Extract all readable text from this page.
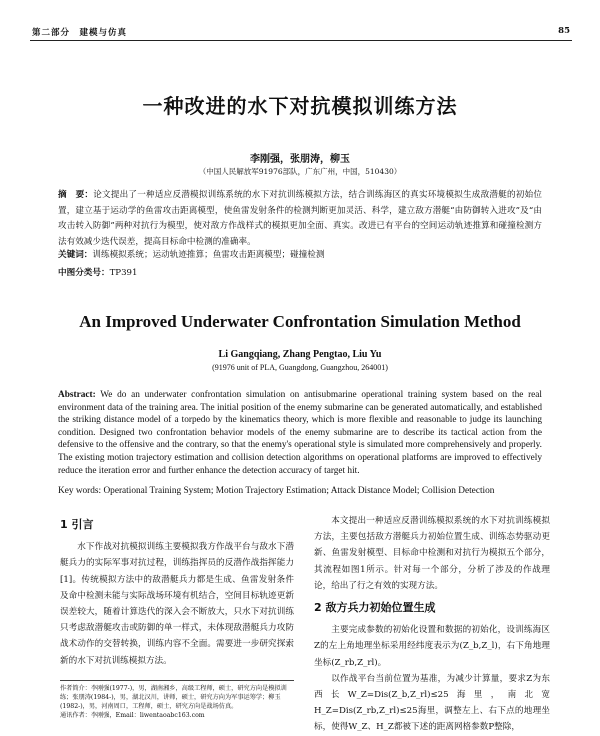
第二部分　建模与仿真	85
一种改进的水下对抗模拟训练方法
李刚强，张朋涛，柳玉
（中国人民解放军91976部队，广东广州，中国，510430）
摘　要：论文提出了一种适应反潜模拟训练系统的水下对抗训练模拟方法，结合训练海区的真实环境模拟生成敌潜艇的初始位置，建立基于运动学的鱼雷攻击距离模型，使鱼雷发射条件的检测判断更加灵活、科学，建立敌方潜艇“由防御转入进攻”及“由攻击转入防御”两种对抗行为模型，使对敌方作战样式的模拟更加全面、真实。改进已有平台的空间运动轨迹推算和碰撞检测方法有效减少迭代误差，提高目标命中检测的准确率。
关键词：训练模拟系统；运动轨迹推算；鱼雷攻击距离模型；碰撞检测
中图分类号：TP391
An Improved Underwater Confrontation Simulation Method
Li Gangqiang, Zhang Pengtao, Liu Yu
(91976 unit of PLA, Guangdong, Guangzhou, 264001)
Abstract: We do an underwater confrontation simulation on antisubmarine operational training system based on the real environment data of the training area. The initial position of the enemy submarine can be generated automatically, and established the striking distance model of a torpedo by the kinematics theory, which is more flexible and reasonable to judge its launching condition. Designed two confrontation behavior models of the enemy submarine are to describe its tactical action from the defensive to the offensive and the contrary, so that the enemy's operational style is simulated more comprehensively and properly. The existing motion trajectory estimation and collision detection algorithms on operational platforms are improved to effectively reduce the iteration error and further enhance the detection accuracy of target hit.
Key words: Operational Training System; Motion Trajectory Estimation; Attack Distance Model; Collision Detection
1 引言

水下作战对抗模拟训练主要模拟我方作战平台与敌水下潜艇兵力的实际军事对抗过程，训练指挥员的反潜作战指挥能力[1]。传统模拟方法中的敌潜艇兵力都是生成、鱼雷发射条件及命中检测未能与实际战场环境有机结合，空间目标轨迹更新误差较大，随着计算迭代的深入会不断放大，只水下对抗训练只考虑敌潜艇攻击或防御的单一样式，未体现敌潜艇兵力攻防战术动作的交替转换，训练内容不全面。需要进一步研究探索新的水下对抗训练模拟方法。

本文提出一种适应反潜训练模拟系统的水下对抗训练模拟方法，主要包括敌方潜艇兵力初始位置生成、训练态势驱动更新、鱼雷发射模型、目标命中检测和对抗行为模拟五个部分，其流程如图1所示。针对每一个部分，分析了涉及的作战理论，给出了行之有效的实现方法。

2 敌方兵力初始位置生成

主要完成参数的初始化设置和数据的初始化，设训练海区Z的左上角地理坐标采用经纬度表示为(Z_b,Z_l)，右下角地理坐标(Z_rb,Z_rl)。

以作战平台当前位置为基准，为减少计算量，要求Z为东西长W_Z=Dis(Z_b,Z_rl)≤25海里，南北宽H_Z=Dis(Z_rb,Z_rl)≤25海里，调整左上、右下点的地理坐标，使得W_Z、H_Z都被下述的距离网格参数P整除，

作者简介：李刚强(1977-)，男，湖南湘乡，高级工程师，硕士，研究方向是模拟训练；张朋涛(1984-)，男，湖北汉川，讲师，硕士，研究方向为军事运筹学；柳玉(1982-)，男，河南周口，工程师，硕士，研究方向是战场仿真。

通讯作者：李刚强，Email：liwentaoabc163.com
